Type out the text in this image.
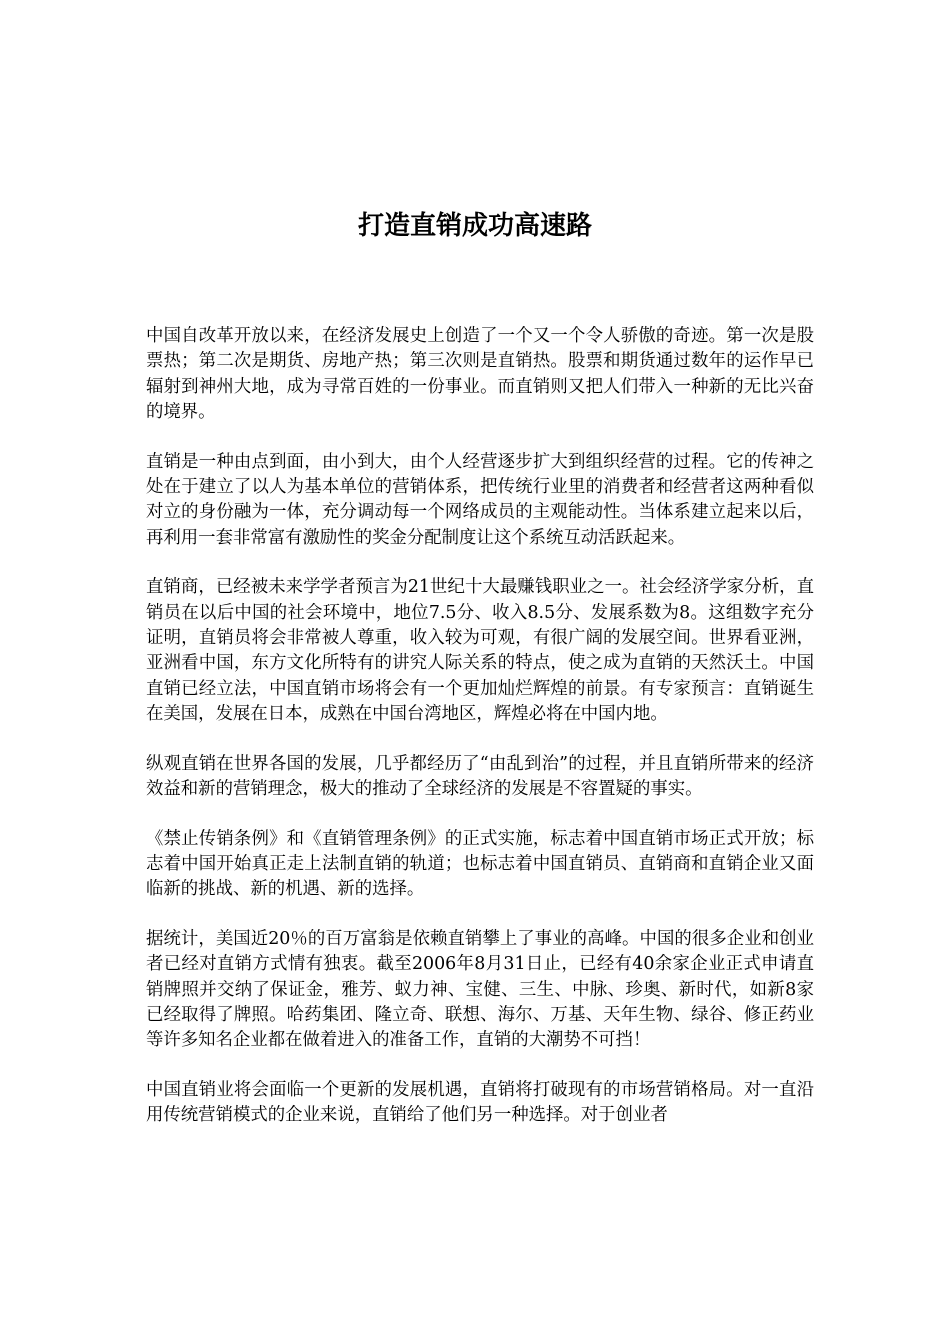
打造直销成功高速路

中国自改革开放以来，在经济发展史上创造了一个又一个令人骄傲的奇迹。第一次是股票热；第二次是期货、房地产热；第三次则是直销热。股票和期货通过数年的运作早已辐射到神州大地，成为寻常百姓的一份事业。而直销则又把人们带入一种新的无比兴奋的境界。

直销是一种由点到面，由小到大，由个人经营逐步扩大到组织经营的过程。它的传神之处在于建立了以人为基本单位的营销体系，把传统行业里的消费者和经营者这两种看似对立的身份融为一体，充分调动每一个网络成员的主观能动性。当体系建立起来以后，再利用一套非常富有激励性的奖金分配制度让这个系统互动活跃起来。

直销商，已经被未来学学者预言为21世纪十大最赚钱职业之一。社会经济学家分析，直销员在以后中国的社会环境中，地位7.5分、收入8.5分、发展系数为8。这组数字充分证明，直销员将会非常被人尊重，收入较为可观，有很广阔的发展空间。世界看亚洲，亚洲看中国，东方文化所特有的讲究人际关系的特点，使之成为直销的天然沃土。中国直销已经立法，中国直销市场将会有一个更加灿烂辉煌的前景。有专家预言：直销诞生在美国，发展在日本，成熟在中国台湾地区，辉煌必将在中国内地。

纵观直销在世界各国的发展，几乎都经历了“由乱到治”的过程，并且直销所带来的经济效益和新的营销理念，极大的推动了全球经济的发展是不容置疑的事实。

《禁止传销条例》和《直销管理条例》的正式实施，标志着中国直销市场正式开放；标志着中国开始真正走上法制直销的轨道；也标志着中国直销员、直销商和直销企业又面临新的挑战、新的机遇、新的选择。

据统计，美国近20％的百万富翁是依赖直销攀上了事业的高峰。中国的很多企业和创业者已经对直销方式情有独衷。截至2006年8月31日止，已经有40余家企业正式申请直销牌照并交纳了保证金，雅芳、蚁力神、宝健、三生、中脉、珍奥、新时代，如新8家已经取得了牌照。哈药集团、隆立奇、联想、海尔、万基、天年生物、绿谷、修正药业等许多知名企业都在做着进入的准备工作，直销的大潮势不可挡！

中国直销业将会面临一个更新的发展机遇，直销将打破现有的市场营销格局。对一直沿用传统营销模式的企业来说，直销给了他们另一种选择。对于创业者
